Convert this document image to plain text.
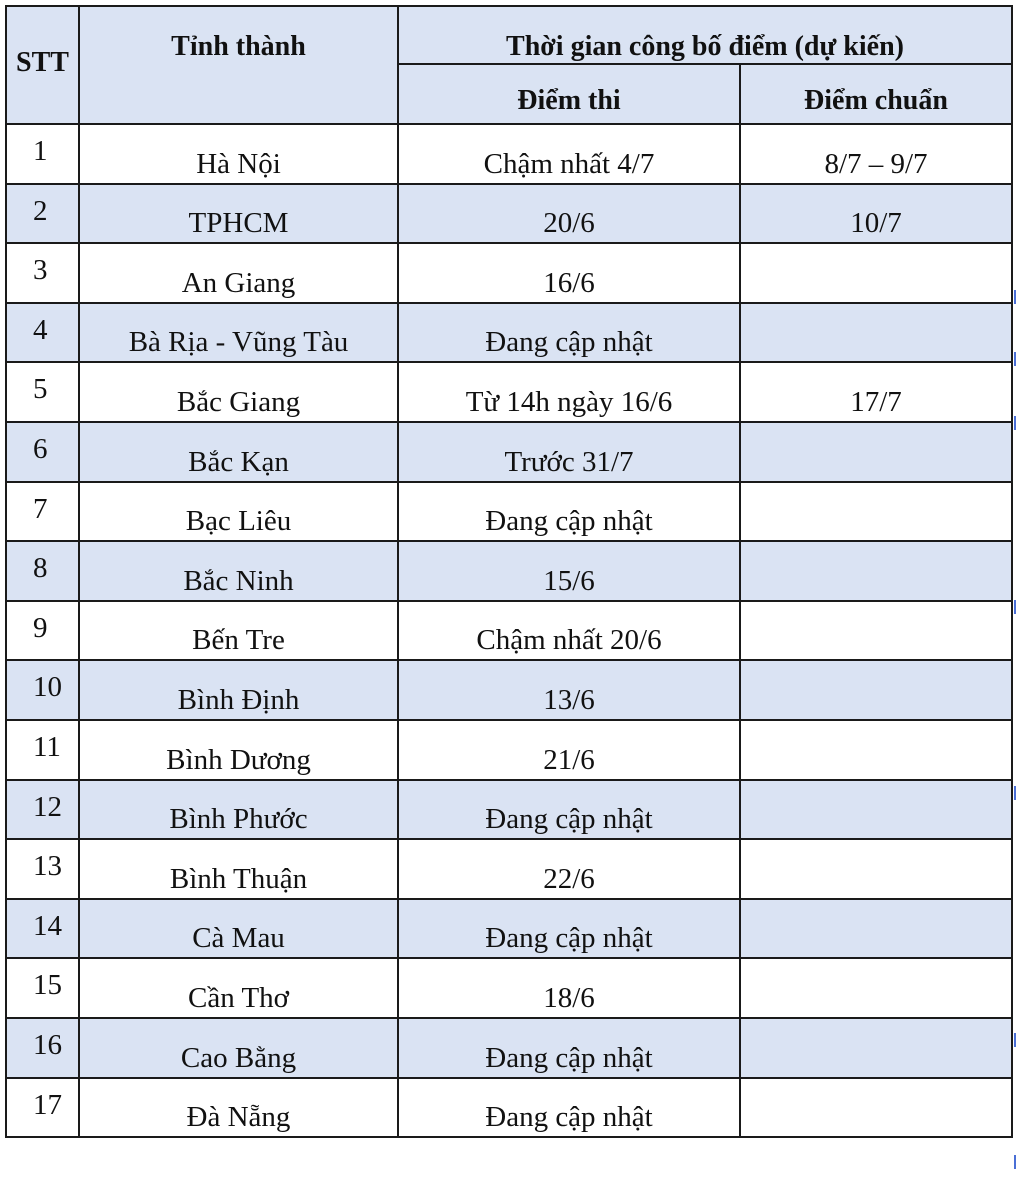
STT	Tỉnh thành	Thời gian công bố điểm (dự kiến)	
		Điểm thi	Điểm chuẩn
1	Hà Nội	Chậm nhất 4/7	8/7 – 9/7
2	TPHCM	20/6	10/7
3	An Giang	16/6	
4	Bà Rịa - Vũng Tàu	Đang cập nhật	
5	Bắc Giang	Từ 14h ngày 16/6	17/7
6	Bắc Kạn	Trước 31/7	
7	Bạc Liêu	Đang cập nhật	
8	Bắc Ninh	15/6	
9	Bến Tre	Chậm nhất 20/6	
10	Bình Định	13/6	
11	Bình Dương	21/6	
12	Bình Phước	Đang cập nhật	
13	Bình Thuận	22/6	
14	Cà Mau	Đang cập nhật	
15	Cần Thơ	18/6	
16	Cao Bằng	Đang cập nhật	
17	Đà Nẵng	Đang cập nhật	
